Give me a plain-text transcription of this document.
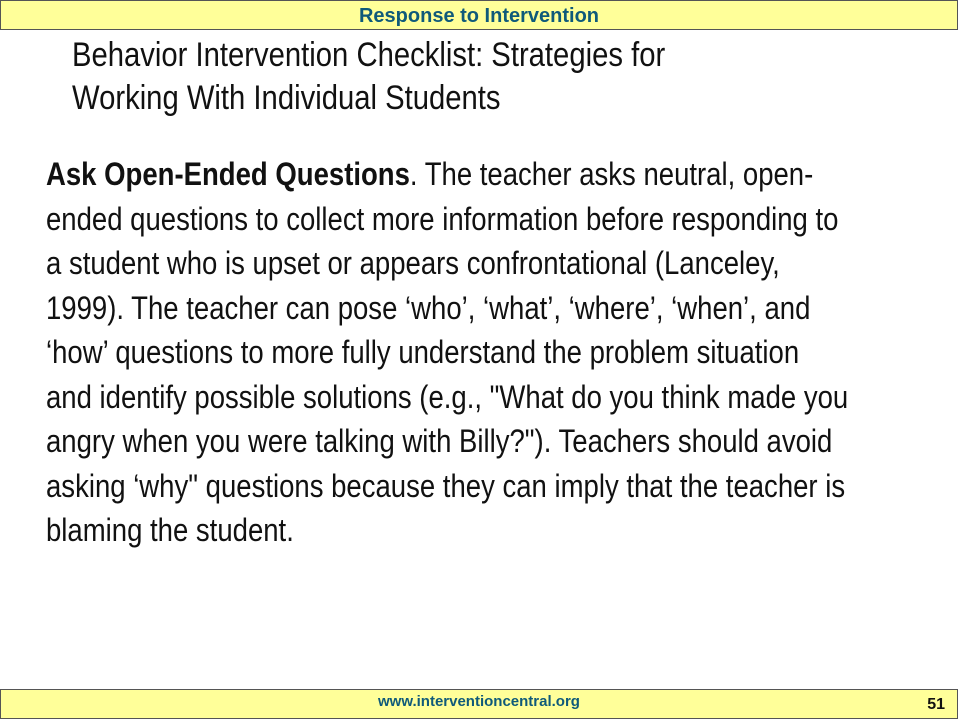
Response to Intervention
Behavior Intervention Checklist: Strategies for
Working With Individual Students
Ask Open-Ended Questions. The teacher asks neutral, open-
ended questions to collect more information before responding to
a student who is upset or appears confrontational (Lanceley,
1999). The teacher can pose ‘who’, ‘what’, ‘where’, ‘when’, and
‘how’ questions to more fully understand the problem situation
and identify possible solutions (e.g., "What do you think made you
angry when you were talking with Billy?"). Teachers should avoid
asking ‘why" questions because they can imply that the teacher is
blaming the student.
www.interventioncentral.org	51
